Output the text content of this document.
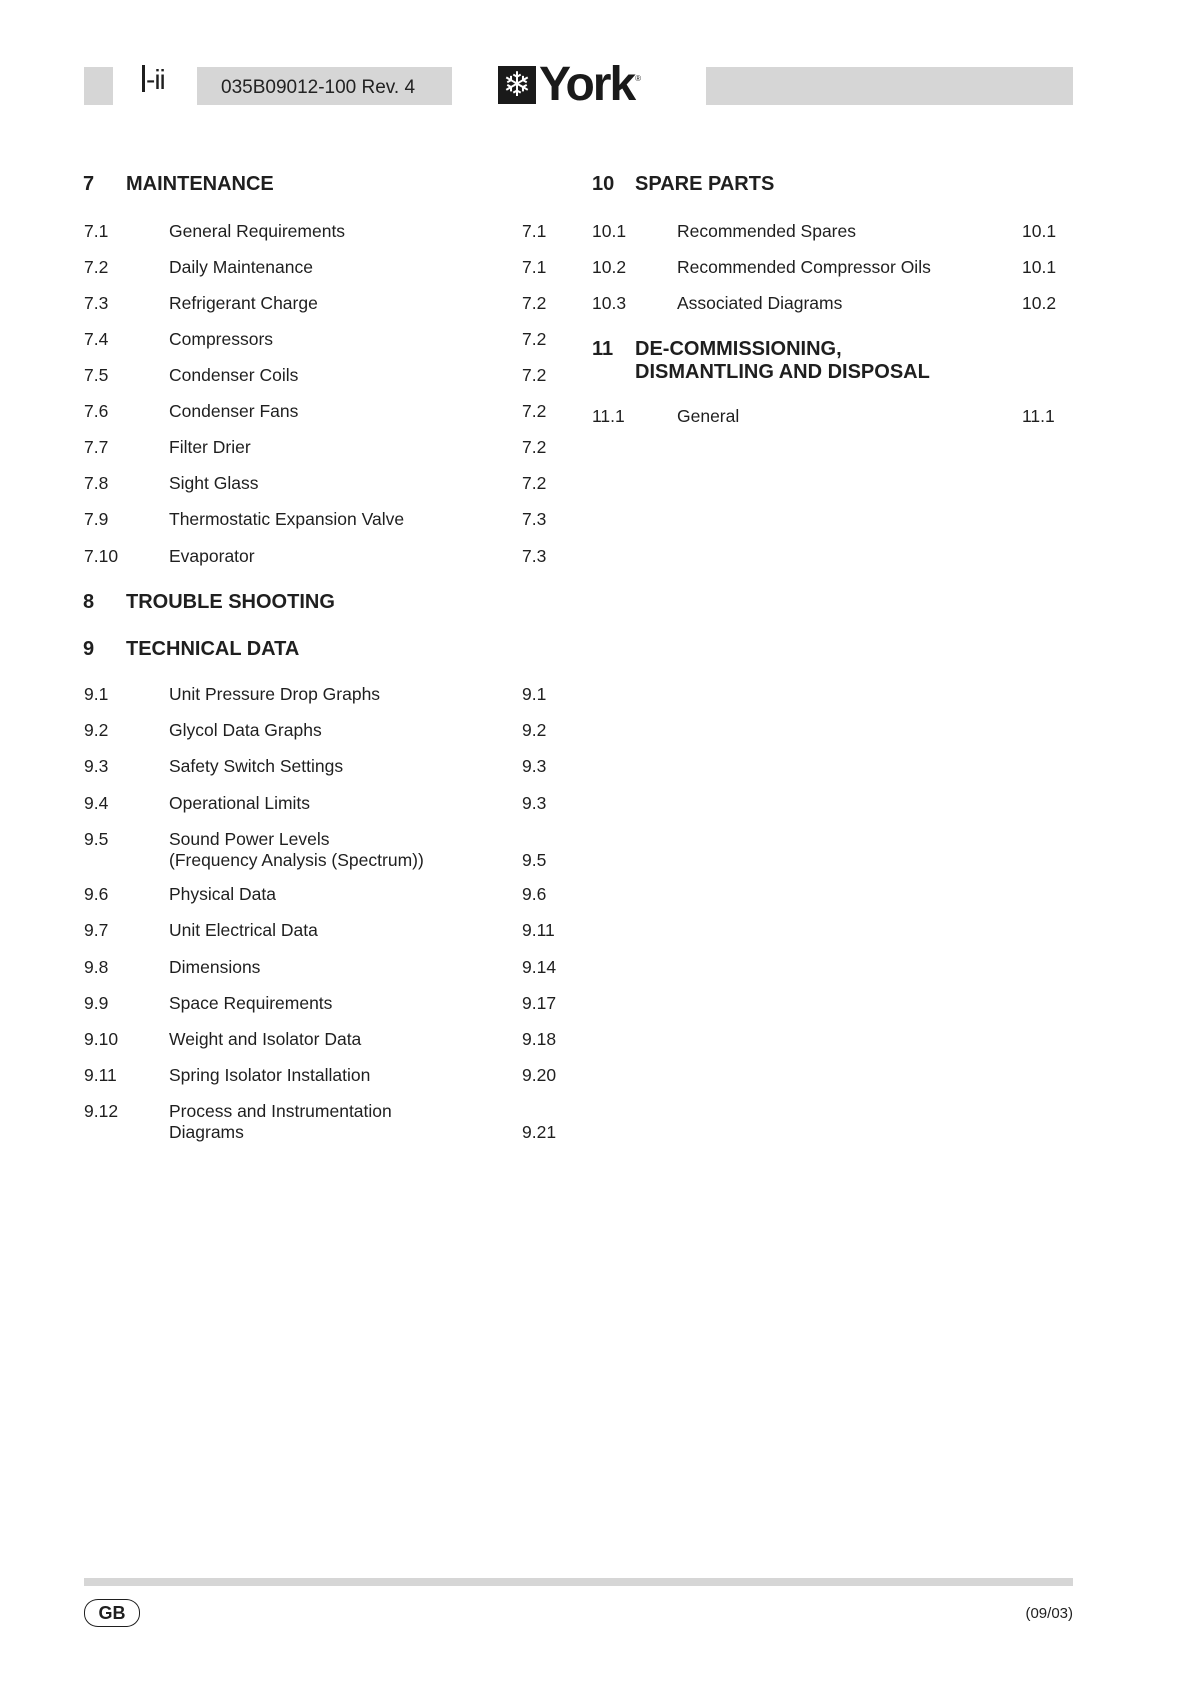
-ii	035B09012-100 Rev. 4	❄ York ®
7 MAINTENANCE
8 TROUBLE SHOOTING
9 TECHNICAL DATA
10 SPARE PARTS
11 DE-COMMISSIONING,
DISMANTLING AND DISPOSAL
7.1	General Requirements	7.1
7.2	Daily Maintenance	7.1
7.3	Refrigerant Charge	7.2
7.4	Compressors	7.2
7.5	Condenser Coils	7.2
7.6	Condenser Fans	7.2
7.7	Filter Drier	7.2
7.8	Sight Glass	7.2
7.9	Thermostatic Expansion Valve	7.3
7.10	Evaporator	7.3
9.1	Unit Pressure Drop Graphs	9.1
9.2	Glycol Data Graphs	9.2
9.3	Safety Switch Settings	9.3
9.4	Operational Limits	9.3
9.5	Sound Power Levels
(Frequency Analysis (Spectrum))	9.5
9.6	Physical Data	9.6
9.7	Unit Electrical Data	9.11
9.8	Dimensions	9.14
9.9	Space Requirements	9.17
9.10	Weight and Isolator Data	9.18
9.11	Spring Isolator Installation	9.20
9.12	Process and Instrumentation
Diagrams	9.21
10.1	Recommended Spares	10.1
10.2	Recommended Compressor Oils	10.1
10.3	Associated Diagrams	10.2
11.1	General	11.1
GB	(09/03)
